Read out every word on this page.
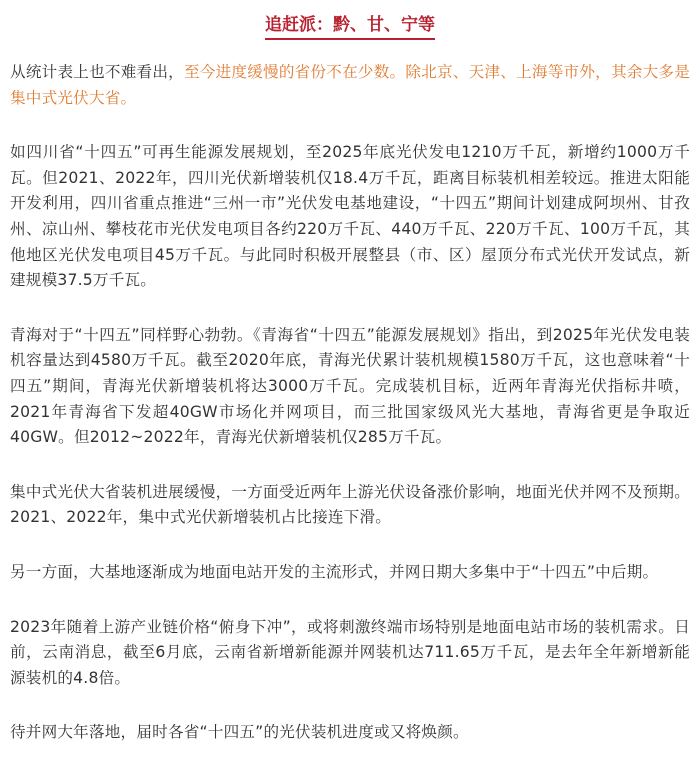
追赶派：黔、甘、宁等

从统计表上也不难看出，至今进度缓慢的省份不在少数。除北京、天津、上海等市外，其余大多是集中式光伏大省。

如四川省“十四五”可再生能源发展规划，至2025年底光伏发电1210万千瓦，新增约1000万千瓦。但2021、2022年，四川光伏新增装机仅18.4万千瓦，距离目标装机相差较远。推进太阳能开发利用，四川省重点推进“三州一市”光伏发电基地建设，“十四五”期间计划建成阿坝州、甘孜州、凉山州、攀枝花市光伏发电项目各约220万千瓦、440万千瓦、220万千瓦、100万千瓦，其他地区光伏发电项目45万千瓦。与此同时积极开展整县（市、区）屋顶分布式光伏开发试点，新建规模37.5万千瓦。

青海对于“十四五”同样野心勃勃。《青海省“十四五”能源发展规划》指出，到2025年光伏发电装机容量达到4580万千瓦。截至2020年底，青海光伏累计装机规模1580万千瓦，这也意味着“十四五”期间，青海光伏新增装机将达3000万千瓦。完成装机目标，近两年青海光伏指标井喷，2021年青海省下发超40GW市场化并网项目，而三批国家级风光大基地，青海省更是争取近40GW。但2012~2022年，青海光伏新增装机仅285万千瓦。

集中式光伏大省装机进展缓慢，一方面受近两年上游光伏设备涨价影响，地面光伏并网不及预期。2021、2022年，集中式光伏新增装机占比接连下滑。

另一方面，大基地逐渐成为地面电站开发的主流形式，并网日期大多集中于“十四五”中后期。

2023年随着上游产业链价格“俯身下冲”，或将刺激终端市场特别是地面电站市场的装机需求。日前，云南消息，截至6月底，云南省新增新能源并网装机达711.65万千瓦，是去年全年新增新能源装机的4.8倍。

待并网大年落地，届时各省“十四五”的光伏装机进度或又将焕颜。
